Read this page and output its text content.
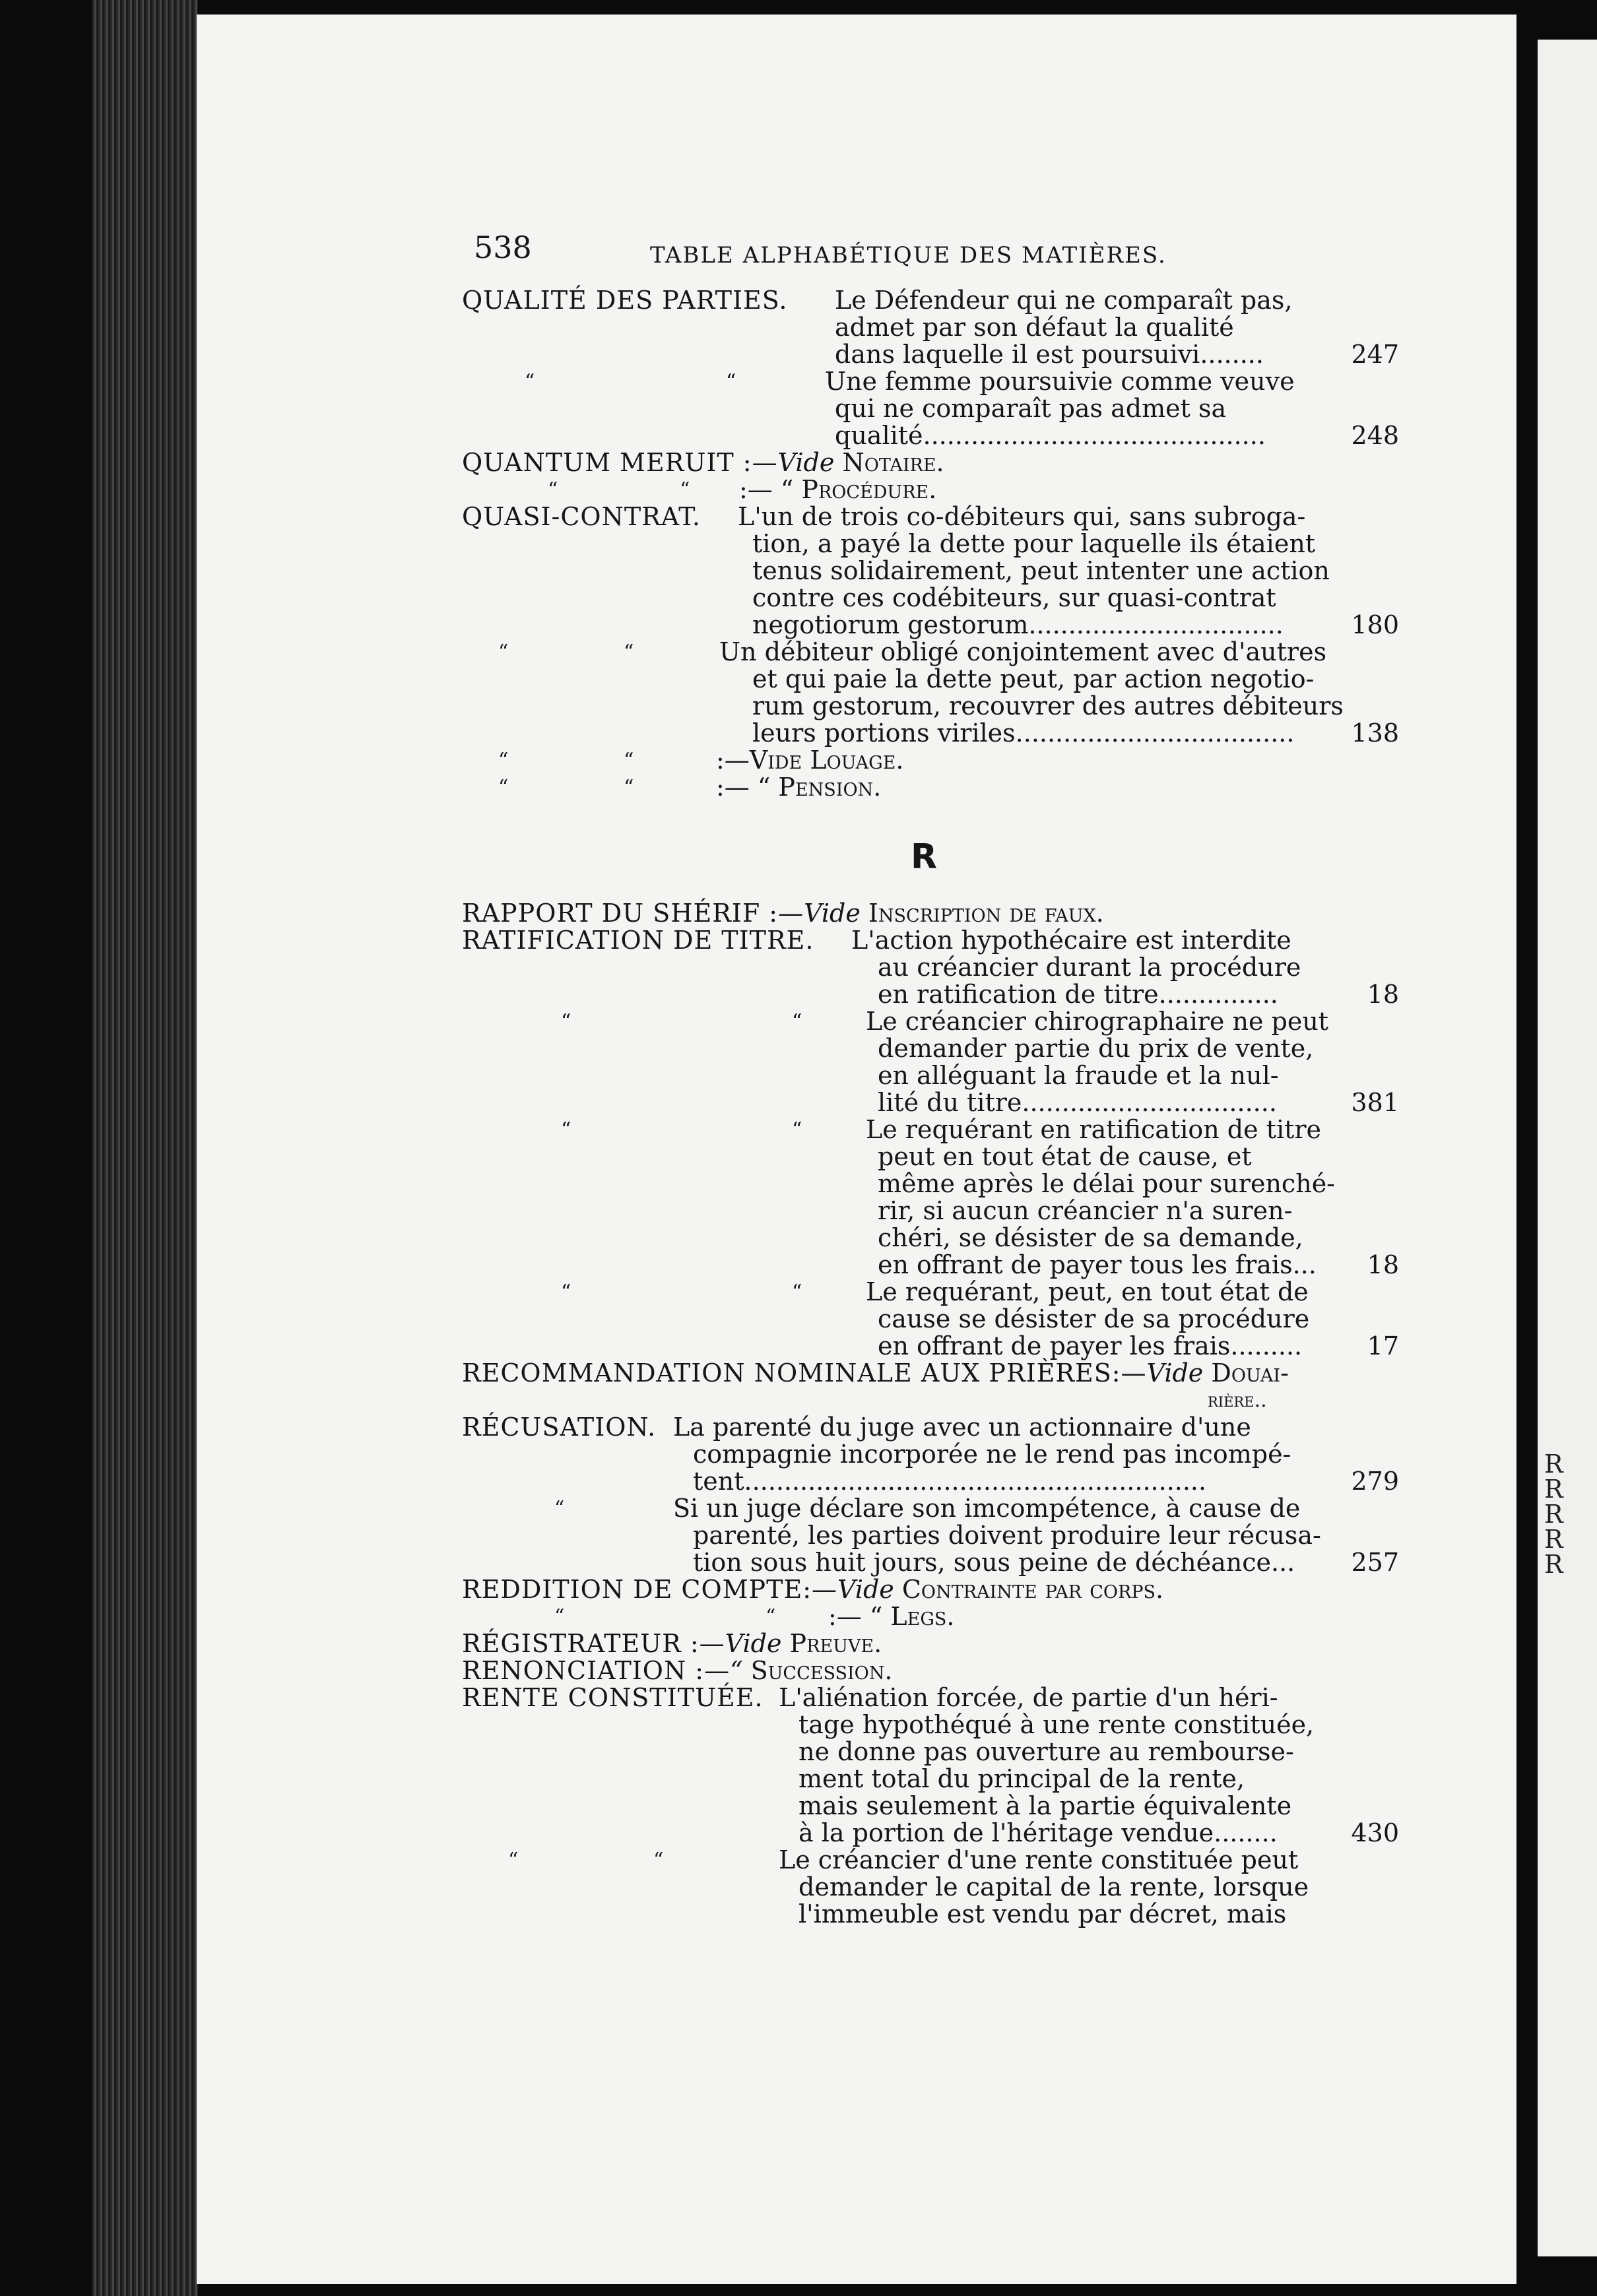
R
R
R
R
R
538	TABLE ALPHABÉTIQUE DES MATIÈRES.
QUALITÉ DES PARTIES. Le Défendeur qui ne comparaît pas,
admet par son défaut la qualité
dans laquelle il est poursuivi........	247
“	“	Une femme poursuivie comme veuve
qui ne comparaît pas admet sa
qualité...........................................	248
QUANTUM MERUIT :—Vide Notaire.
“	“ :— “ Procédure.
QUASI-CONTRAT. L'un de trois co-débiteurs qui, sans subroga-
tion, a payé la dette pour laquelle ils étaient
tenus solidairement, peut intenter une action
contre ces codébiteurs, sur quasi-contrat
negotiorum gestorum................................	180
“	“	Un débiteur obligé conjointement avec d'autres
et qui paie la dette peut, par action negotio-
rum gestorum, recouvrer des autres débiteurs
leurs portions viriles...................................	138
“	“	:—Vide Louage.
“	“	:— “ Pension.
R
RAPPORT DU SHÉRIF :—Vide Inscription de faux.
RATIFICATION DE TITRE. L'action hypothécaire est interdite
au créancier durant la procédure
en ratification de titre...............	18
“	“	Le créancier chirographaire ne peut
demander partie du prix de vente,
en alléguant la fraude et la nul-
lité du titre................................	381
“	“	Le requérant en ratification de titre
peut en tout état de cause, et
même après le délai pour surenché-
rir, si aucun créancier n'a suren-
chéri, se désister de sa demande,
en offrant de payer tous les frais...	18
“	“	Le requérant, peut, en tout état de
cause se désister de sa procédure
en offrant de payer les frais.........	17
RECOMMANDATION NOMINALE AUX PRIÈRES:—Vide Douai-
rière..
RÉCUSATION. La parenté du juge avec un actionnaire d'une
compagnie incorporée ne le rend pas incompé-
tent..........................................................	279
“	Si un juge déclare son imcompétence, à cause de
parenté, les parties doivent produire leur récusa-
tion sous huit jours, sous peine de déchéance...	257
REDDITION DE COMPTE:—Vide Contrainte par corps.
“	“ :— “ Legs.
RÉGISTRATEUR :—Vide Preuve.
RENONCIATION :—“ Succession.
RENTE CONSTITUÉE. L'aliénation forcée, de partie d'un héri-
tage hypothéqué à une rente constituée,
ne donne pas ouverture au rembourse-
ment total du principal de la rente,
mais seulement à la partie équivalente
à la portion de l'héritage vendue........	430
“	“	Le créancier d'une rente constituée peut
demander le capital de la rente, lorsque
l'immeuble est vendu par décret, mais
